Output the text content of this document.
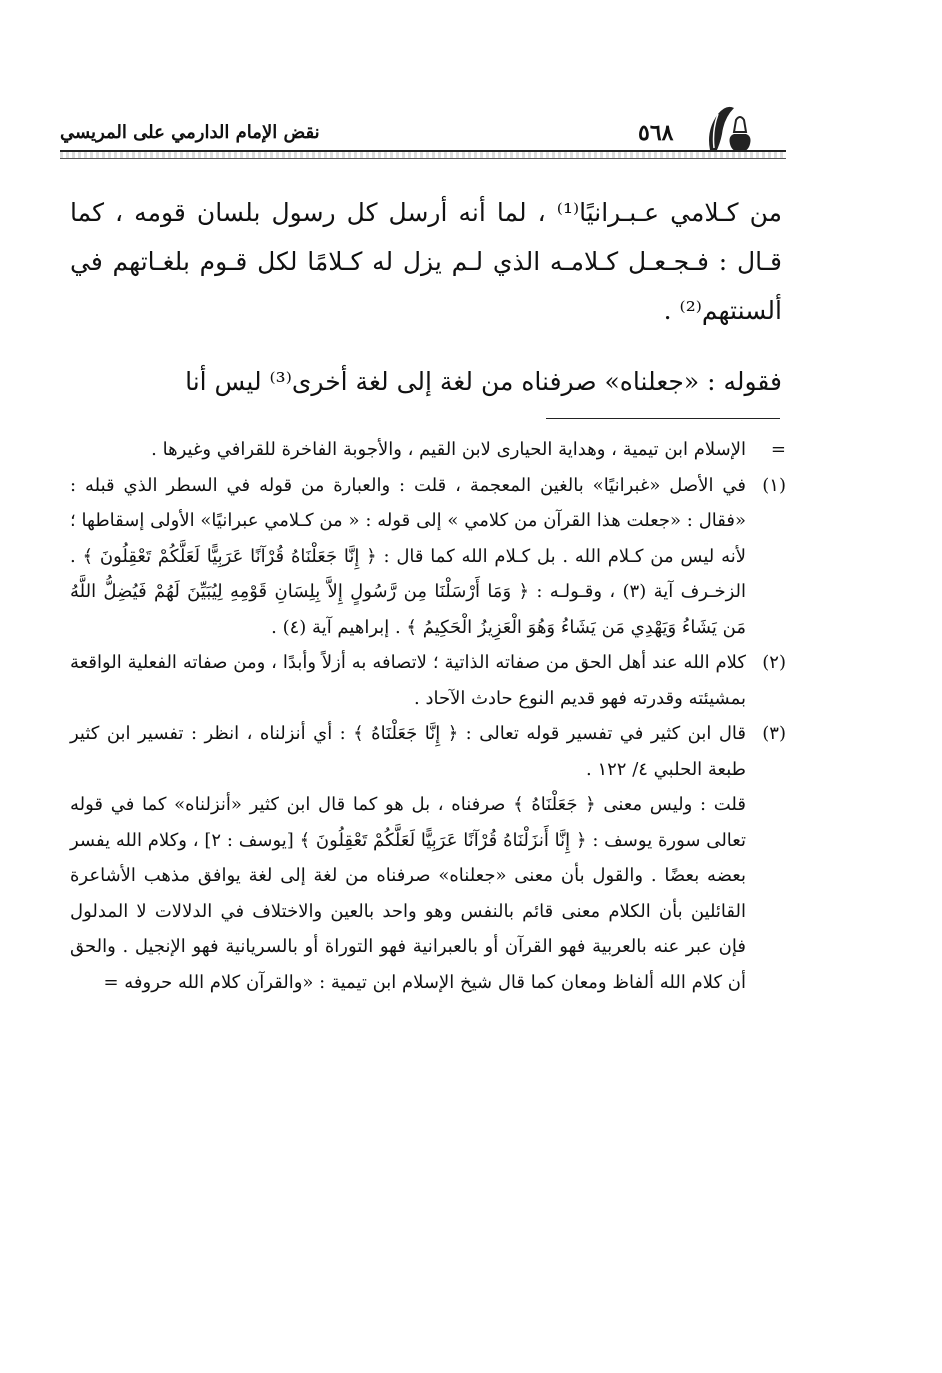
نقض الإمام الدارمي على المريسي	٥٦٨

من كـلامي عـبـرانيًا⁽¹⁾ ، لما أنه أرسل كل رسول بلسان قومه ، كما قـال : فـجـعـل كـلامـه الذي لـم يزل له كـلامًا لكل قـوم بلغـاتهم في ألسنتهم⁽²⁾ .

فقوله : «جعلناه» صرفناه من لغة إلى لغة أخرى⁽³⁾ ليس أنا

=
الإسلام ابن تيمية ، وهداية الحيارى لابن القيم ، والأجوبة الفاخرة للقرافي وغيرها .

(١)
في الأصل «غبرانيًا» بالغين المعجمة ، قلت : والعبارة من قوله في السطر الذي قبله : «فقال : «جعلت هذا القرآن من كلامي » إلى قوله : « من كـلامي عبرانيًا» الأولى إسقاطها ؛ لأنه ليس من كـلام الله . بل كـلام الله كما قال : ﴿ إِنَّا جَعَلْنَاهُ قُرْآنًا عَرَبِيًّا لَعَلَّكُمْ تَعْقِلُونَ ﴾ . الزخـرف آية (٣) ، وقـولـه : ﴿ وَمَا أَرْسَلْنَا مِن رَّسُولٍ إِلاَّ بِلِسَانِ قَوْمِهِ لِيُبَيِّنَ لَهُمْ فَيُضِلُّ اللَّهُ مَن يَشَاءُ وَيَهْدِي مَن يَشَاءُ وَهُوَ الْعَزِيزُ الْحَكِيمُ ﴾ . إبراهيم آية (٤) .

(٢)
كلام الله عند أهل الحق من صفاته الذاتية ؛ لاتصافه به أزلاً وأبدًا ، ومن صفاته الفعلية الواقعة بمشيئته وقدرته فهو قديم النوع حادث الآحاد .

(٣)
قال ابن كثير في تفسير قوله تعالى : ﴿ إِنَّا جَعَلْنَاهُ ﴾ : أي أنزلناه ، انظر : تفسير ابن كثير طبعة الحلبي ٤/ ١٢٢ .

قلت : وليس معنى ﴿ جَعَلْنَاهُ ﴾ صرفناه ، بل هو كما قال ابن كثير «أنزلناه» كما في قوله تعالى سورة يوسف : ﴿ إِنَّا أَنزَلْنَاهُ قُرْآنًا عَرَبِيًّا لَعَلَّكُمْ تَعْقِلُونَ ﴾ [يوسف : ٢] ، وكلام الله يفسر بعضه بعضًا . والقول بأن معنى «جعلناه» صرفناه من لغة إلى لغة يوافق مذهب الأشاعرة القائلين بأن الكلام معنى قائم بالنفس وهو واحد بالعين والاختلاف في الدلالات لا المدلول فإن عبر عنه بالعربية فهو القرآن أو بالعبرانية فهو التوراة أو بالسريانية فهو الإنجيل . والحق أن كلام الله ألفاظ ومعان كما قال شيخ الإسلام ابن تيمية : «والقرآن كلام الله حروفه =
